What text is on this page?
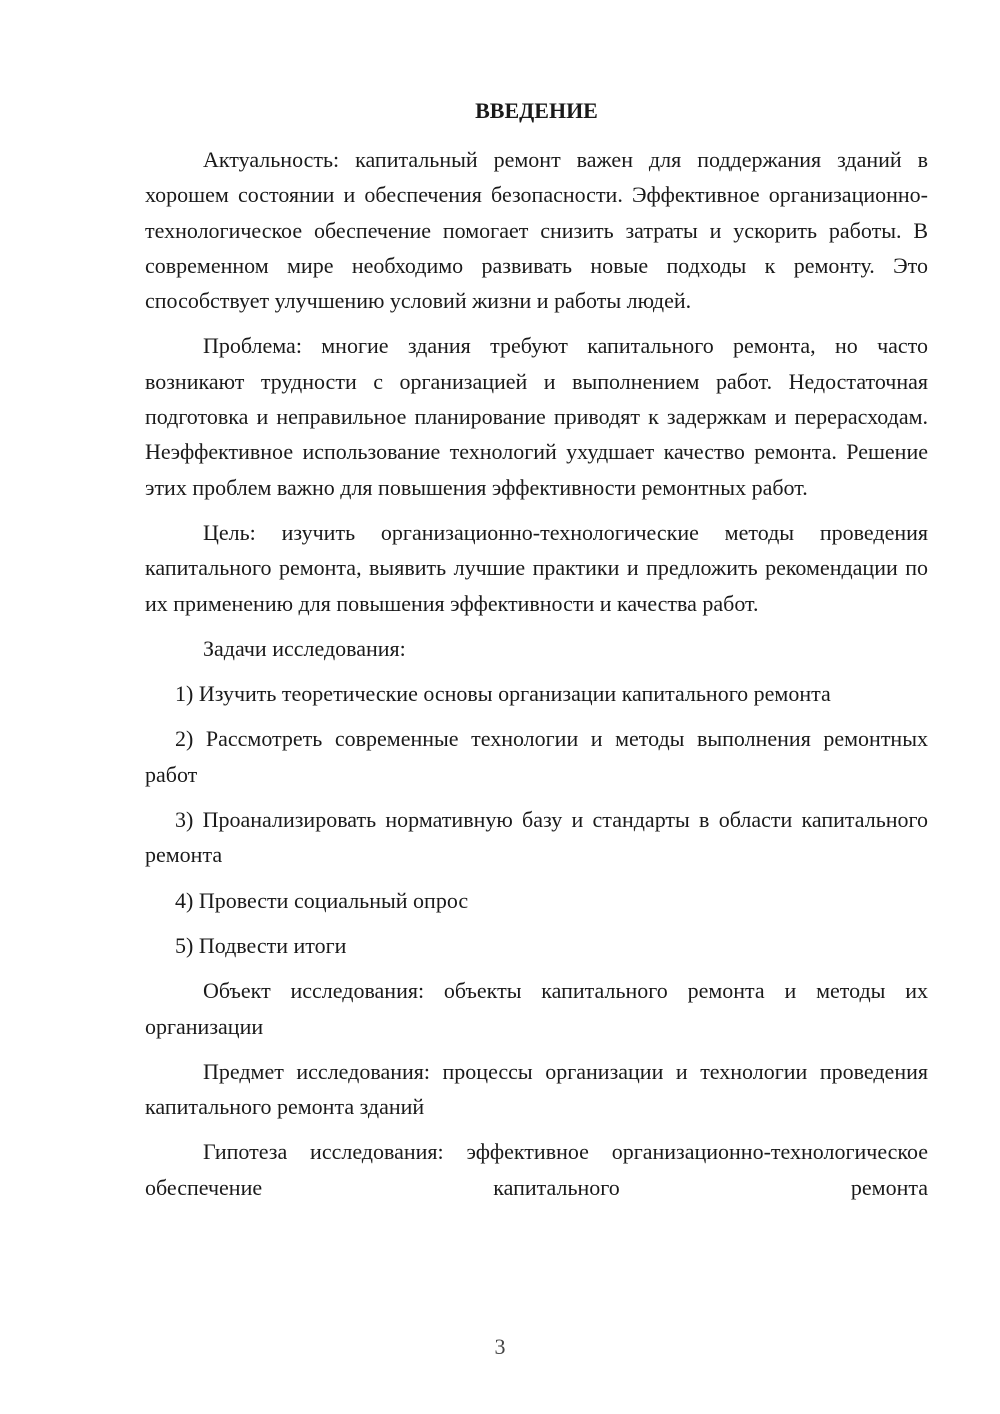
ВВЕДЕНИЕ

Актуальность: капитальный ремонт важен для поддержания зданий в хорошем состоянии и обеспечения безопасности. Эффективное организационно-технологическое обеспечение помогает снизить затраты и ускорить работы. В современном мире необходимо развивать новые подходы к ремонту. Это способствует улучшению условий жизни и работы людей.

Проблема: многие здания требуют капитального ремонта, но часто возникают трудности с организацией и выполнением работ. Недостаточная подготовка и неправильное планирование приводят к задержкам и перерасходам. Неэффективное использование технологий ухудшает качество ремонта. Решение этих проблем важно для повышения эффективности ремонтных работ.

Цель: изучить организационно-технологические методы проведения капитального ремонта, выявить лучшие практики и предложить рекомендации по их применению для повышения эффективности и качества работ.

Задачи исследования:

1) Изучить теоретические основы организации капитального ремонта

2) Рассмотреть современные технологии и методы выполнения ремонтных работ

3) Проанализировать нормативную базу и стандарты в области капитального ремонта

4) Провести социальный опрос

5) Подвести итоги

Объект исследования: объекты капитального ремонта и методы их организации

Предмет исследования: процессы организации и технологии проведения капитального ремонта зданий

Гипотеза исследования: эффективное организационно-технологическое обеспечение капитального ремонта

3
